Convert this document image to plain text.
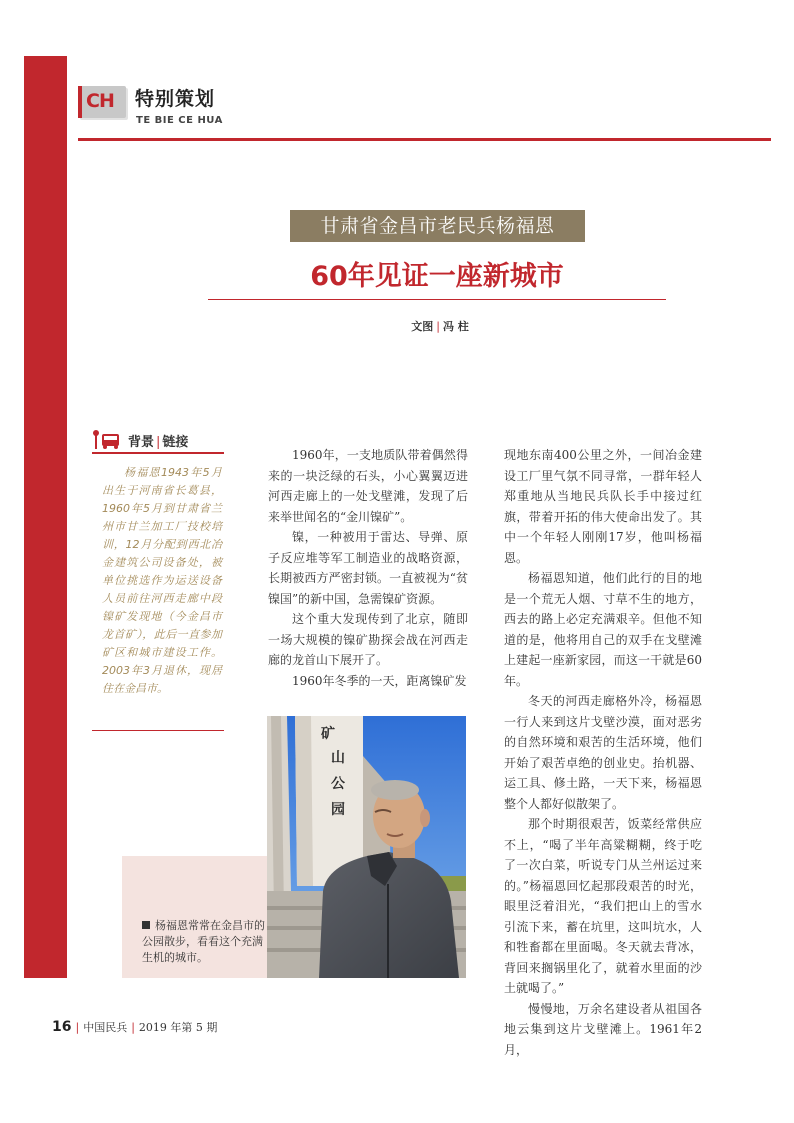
CH 特别策划
TE BIE CE HUA
甘肃省金昌市老民兵杨福恩
60年见证一座新城市
文图 | 冯 柱
背景 | 链接
杨福恩1943年5月出生于河南省长葛县，1960年5月到甘肃省兰州市甘兰加工厂技校培训，12月分配到西北冶金建筑公司设备处，被单位挑选作为运送设备人员前往河西走廊中段镍矿发现地（今金昌市龙首矿），此后一直参加矿区和城市建设工作。2003年3月退休，现居住在金昌市。

1960年，一支地质队带着偶然得来的一块泛绿的石头，小心翼翼迈进河西走廊上的一处戈壁滩，发现了后来举世闻名的“金川镍矿”。

镍，一种被用于雷达、导弹、原子反应堆等军工制造业的战略资源，长期被西方严密封锁。一直被视为“贫镍国”的新中国，急需镍矿资源。

这个重大发现传到了北京，随即一场大规模的镍矿勘探会战在河西走廊的龙首山下展开了。

1960年冬季的一天，距离镍矿发

现地东南400公里之外，一间冶金建设工厂里气氛不同寻常，一群年轻人郑重地从当地民兵队长手中接过红旗，带着开拓的伟大使命出发了。其中一个年轻人刚刚17岁，他叫杨福恩。

杨福恩知道，他们此行的目的地是一个荒无人烟、寸草不生的地方，西去的路上必定充满艰辛。但他不知道的是，他将用自己的双手在戈壁滩上建起一座新家园，而这一干就是60年。

冬天的河西走廊格外冷，杨福恩一行人来到这片戈壁沙漠，面对恶劣的自然环境和艰苦的生活环境，他们开始了艰苦卓绝的创业史。抬机器、运工具、修土路，一天下来，杨福恩整个人都好似散架了。

那个时期很艰苦，饭菜经常供应不上，“喝了半年高粱糊糊，终于吃了一次白菜，听说专门从兰州运过来的。”杨福恩回忆起那段艰苦的时光，眼里泛着泪光，“我们把山上的雪水引流下来，蓄在坑里，这叫坑水，人和牲畜都在里面喝。冬天就去背冰，背回来搁锅里化了，就着水里面的沙土就喝了。”

慢慢地，万余名建设者从祖国各地云集到这片戈壁滩上。1961年2月，

杨福恩常常在金昌市的公园散步，看看这个充满生机的城市。
矿
山
公
园
16 | 中国民兵 | 2019 年第 5 期
